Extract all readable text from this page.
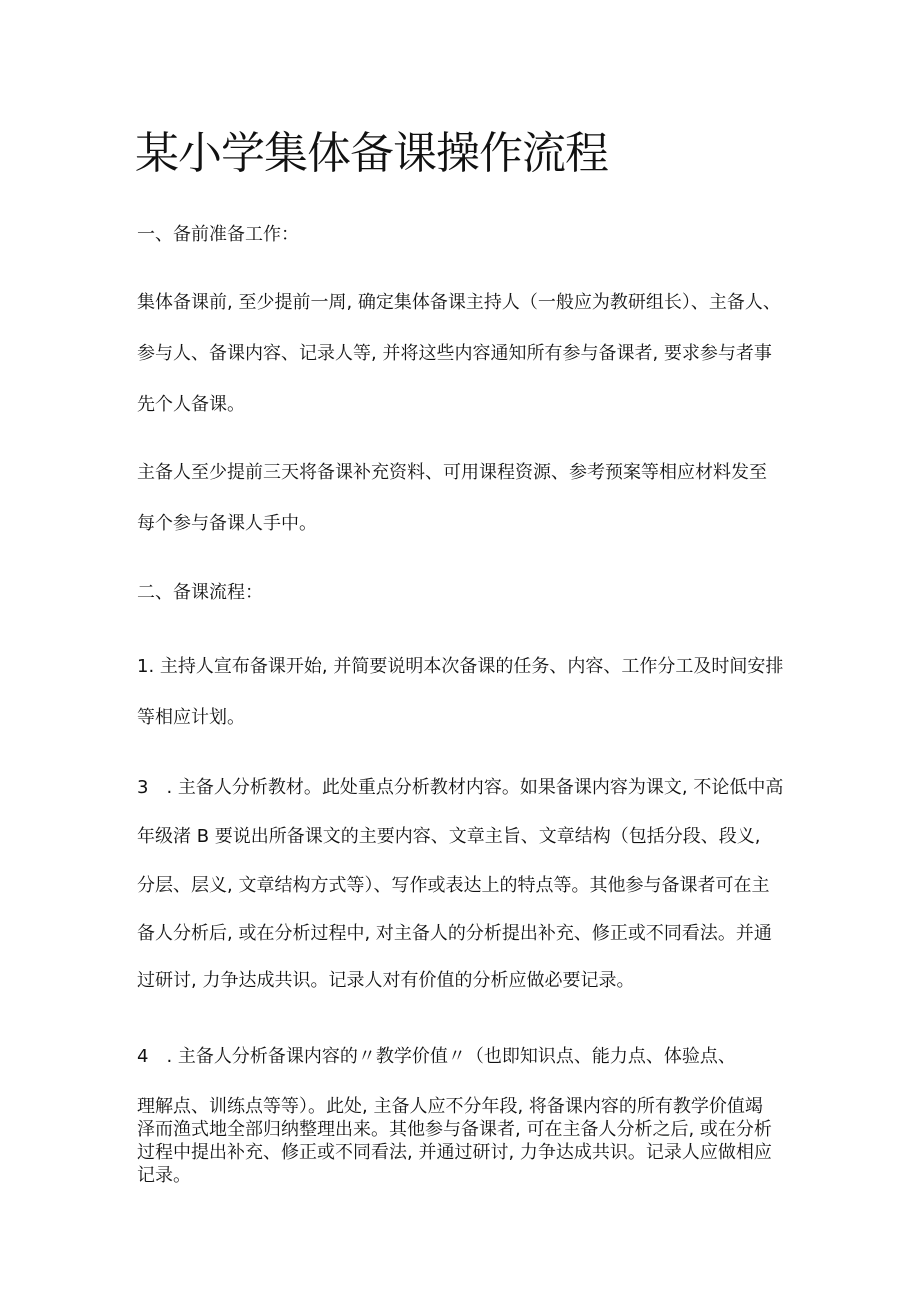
某小学集体备课操作流程

一、备前准备工作：

集体备课前, 至少提前一周, 确定集体备课主持人（一般应为教研组长）、主备人、

参与人、备课内容、记录人等, 并将这些内容通知所有参与备课者, 要求参与者事

先个人备课。

主备人至少提前三天将备课补充资料、可用课程资源、参考预案等相应材料发至

每个参与备课人手中。

二、备课流程：

1. 主持人宣布备课开始, 并简要说明本次备课的任务、内容、工作分工及时间安排

等相应计划。

3　. 主备人分析教材。此处重点分析教材内容。如果备课内容为课文, 不论低中高

年级渚 B 要说出所备课文的主要内容、文章主旨、文章结构（包括分段、段义,

分层、层义, 文章结构方式等）、写作或表达上的特点等。其他参与备课者可在主

备人分析后, 或在分析过程中, 对主备人的分析提出补充、修正或不同看法。并通

过研讨, 力争达成共识。记录人对有价值的分析应做必要记录。

4　. 主备人分析备课内容的〃教学价值〃（也即知识点、能力点、体验点、

理解点、训练点等等）。此处, 主备人应不分年段, 将备课内容的所有教学价值竭

泽而渔式地全部归纳整理出来。其他参与备课者, 可在主备人分析之后, 或在分析

过程中提出补充、修正或不同看法, 并通过研讨, 力争达成共识。记录人应做相应

记录。
